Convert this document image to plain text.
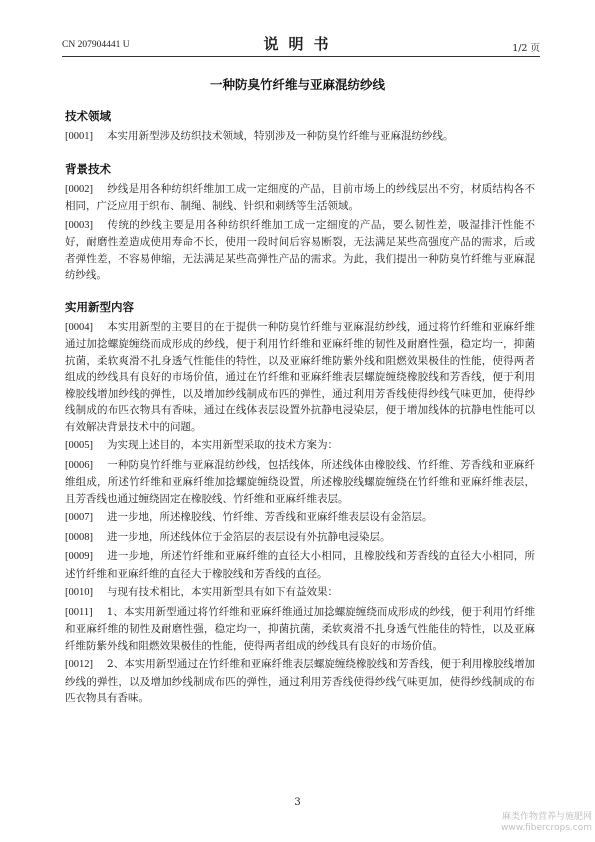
CN 207904441 U	说明书	1/2 页
一种防臭竹纤维与亚麻混纺纱线
技术领域

[0001] 本实用新型涉及纺织技术领域，特别涉及一种防臭竹纤维与亚麻混纺纱线。

背景技术

[0002] 纱线是用各种纺织纤维加工成一定细度的产品，目前市场上的纱线层出不穷，材质结构各不相同，广泛应用于织布、制绳、制线、针织和刺绣等生活领域。

[0003] 传统的纱线主要是用各种纺织纤维加工成一定细度的产品，要么韧性差，吸湿排汗性能不好，耐磨性差造成使用寿命不长，使用一段时间后容易断裂，无法满足某些高强度产品的需求，后或者弹性差，不容易伸缩，无法满足某些高弹性产品的需求。为此，我们提出一种防臭竹纤维与亚麻混纺纱线。

实用新型内容

[0004] 本实用新型的主要目的在于提供一种防臭竹纤维与亚麻混纺纱线，通过将竹纤维和亚麻纤维通过加捻螺旋缠绕而成形成的纱线，便于利用竹纤维和亚麻纤维的韧性及耐磨性强，稳定均一，抑菌抗菌，柔软爽滑不扎身透气性能佳的特性，以及亚麻纤维防紫外线和阻燃效果极佳的性能，使得两者组成的纱线具有良好的市场价值，通过在竹纤维和亚麻纤维表层螺旋缠绕橡胶线和芳香线，便于利用橡胶线增加纱线的弹性，以及增加纱线制成布匹的弹性，通过利用芳香线使得纱线气味更加，使得纱线制成的布匹衣物具有香味，通过在线体表层设置外抗静电浸染层，便于增加线体的抗静电性能可以有效解决背景技术中的问题。

[0005] 为实现上述目的，本实用新型采取的技术方案为：

[0006] 一种防臭竹纤维与亚麻混纺纱线，包括线体，所述线体由橡胶线、竹纤维、芳香线和亚麻纤维组成，所述竹纤维和亚麻纤维加捻螺旋缠绕设置，所述橡胶线螺旋缠绕在竹纤维和亚麻纤维表层，且芳香线也通过缠绕固定在橡胶线、竹纤维和亚麻纤维表层。

[0007] 进一步地，所述橡胶线、竹纤维、芳香线和亚麻纤维表层设有金箔层。

[0008] 进一步地，所述线体位于金箔层的表层设有外抗静电浸染层。

[0009] 进一步地，所述竹纤维和亚麻纤维的直径大小相同，且橡胶线和芳香线的直径大小相同，所述竹纤维和亚麻纤维的直径大于橡胶线和芳香线的直径。

[0010] 与现有技术相比，本实用新型具有如下有益效果：

[0011] 1、本实用新型通过将竹纤维和亚麻纤维通过加捻螺旋缠绕而成形成的纱线，便于利用竹纤维和亚麻纤维的韧性及耐磨性强，稳定均一，抑菌抗菌，柔软爽滑不扎身透气性能佳的特性，以及亚麻纤维防紫外线和阻燃效果极佳的性能，使得两者组成的纱线具有良好的市场价值。

[0012] 2、本实用新型通过在竹纤维和亚麻纤维表层螺旋缠绕橡胶线和芳香线，便于利用橡胶线增加纱线的弹性，以及增加纱线制成布匹的弹性，通过利用芳香线使得纱线气味更加，使得纱线制成的布匹衣物具有香味。

3
麻类作物营养与施肥网
www.fibercrops.com
